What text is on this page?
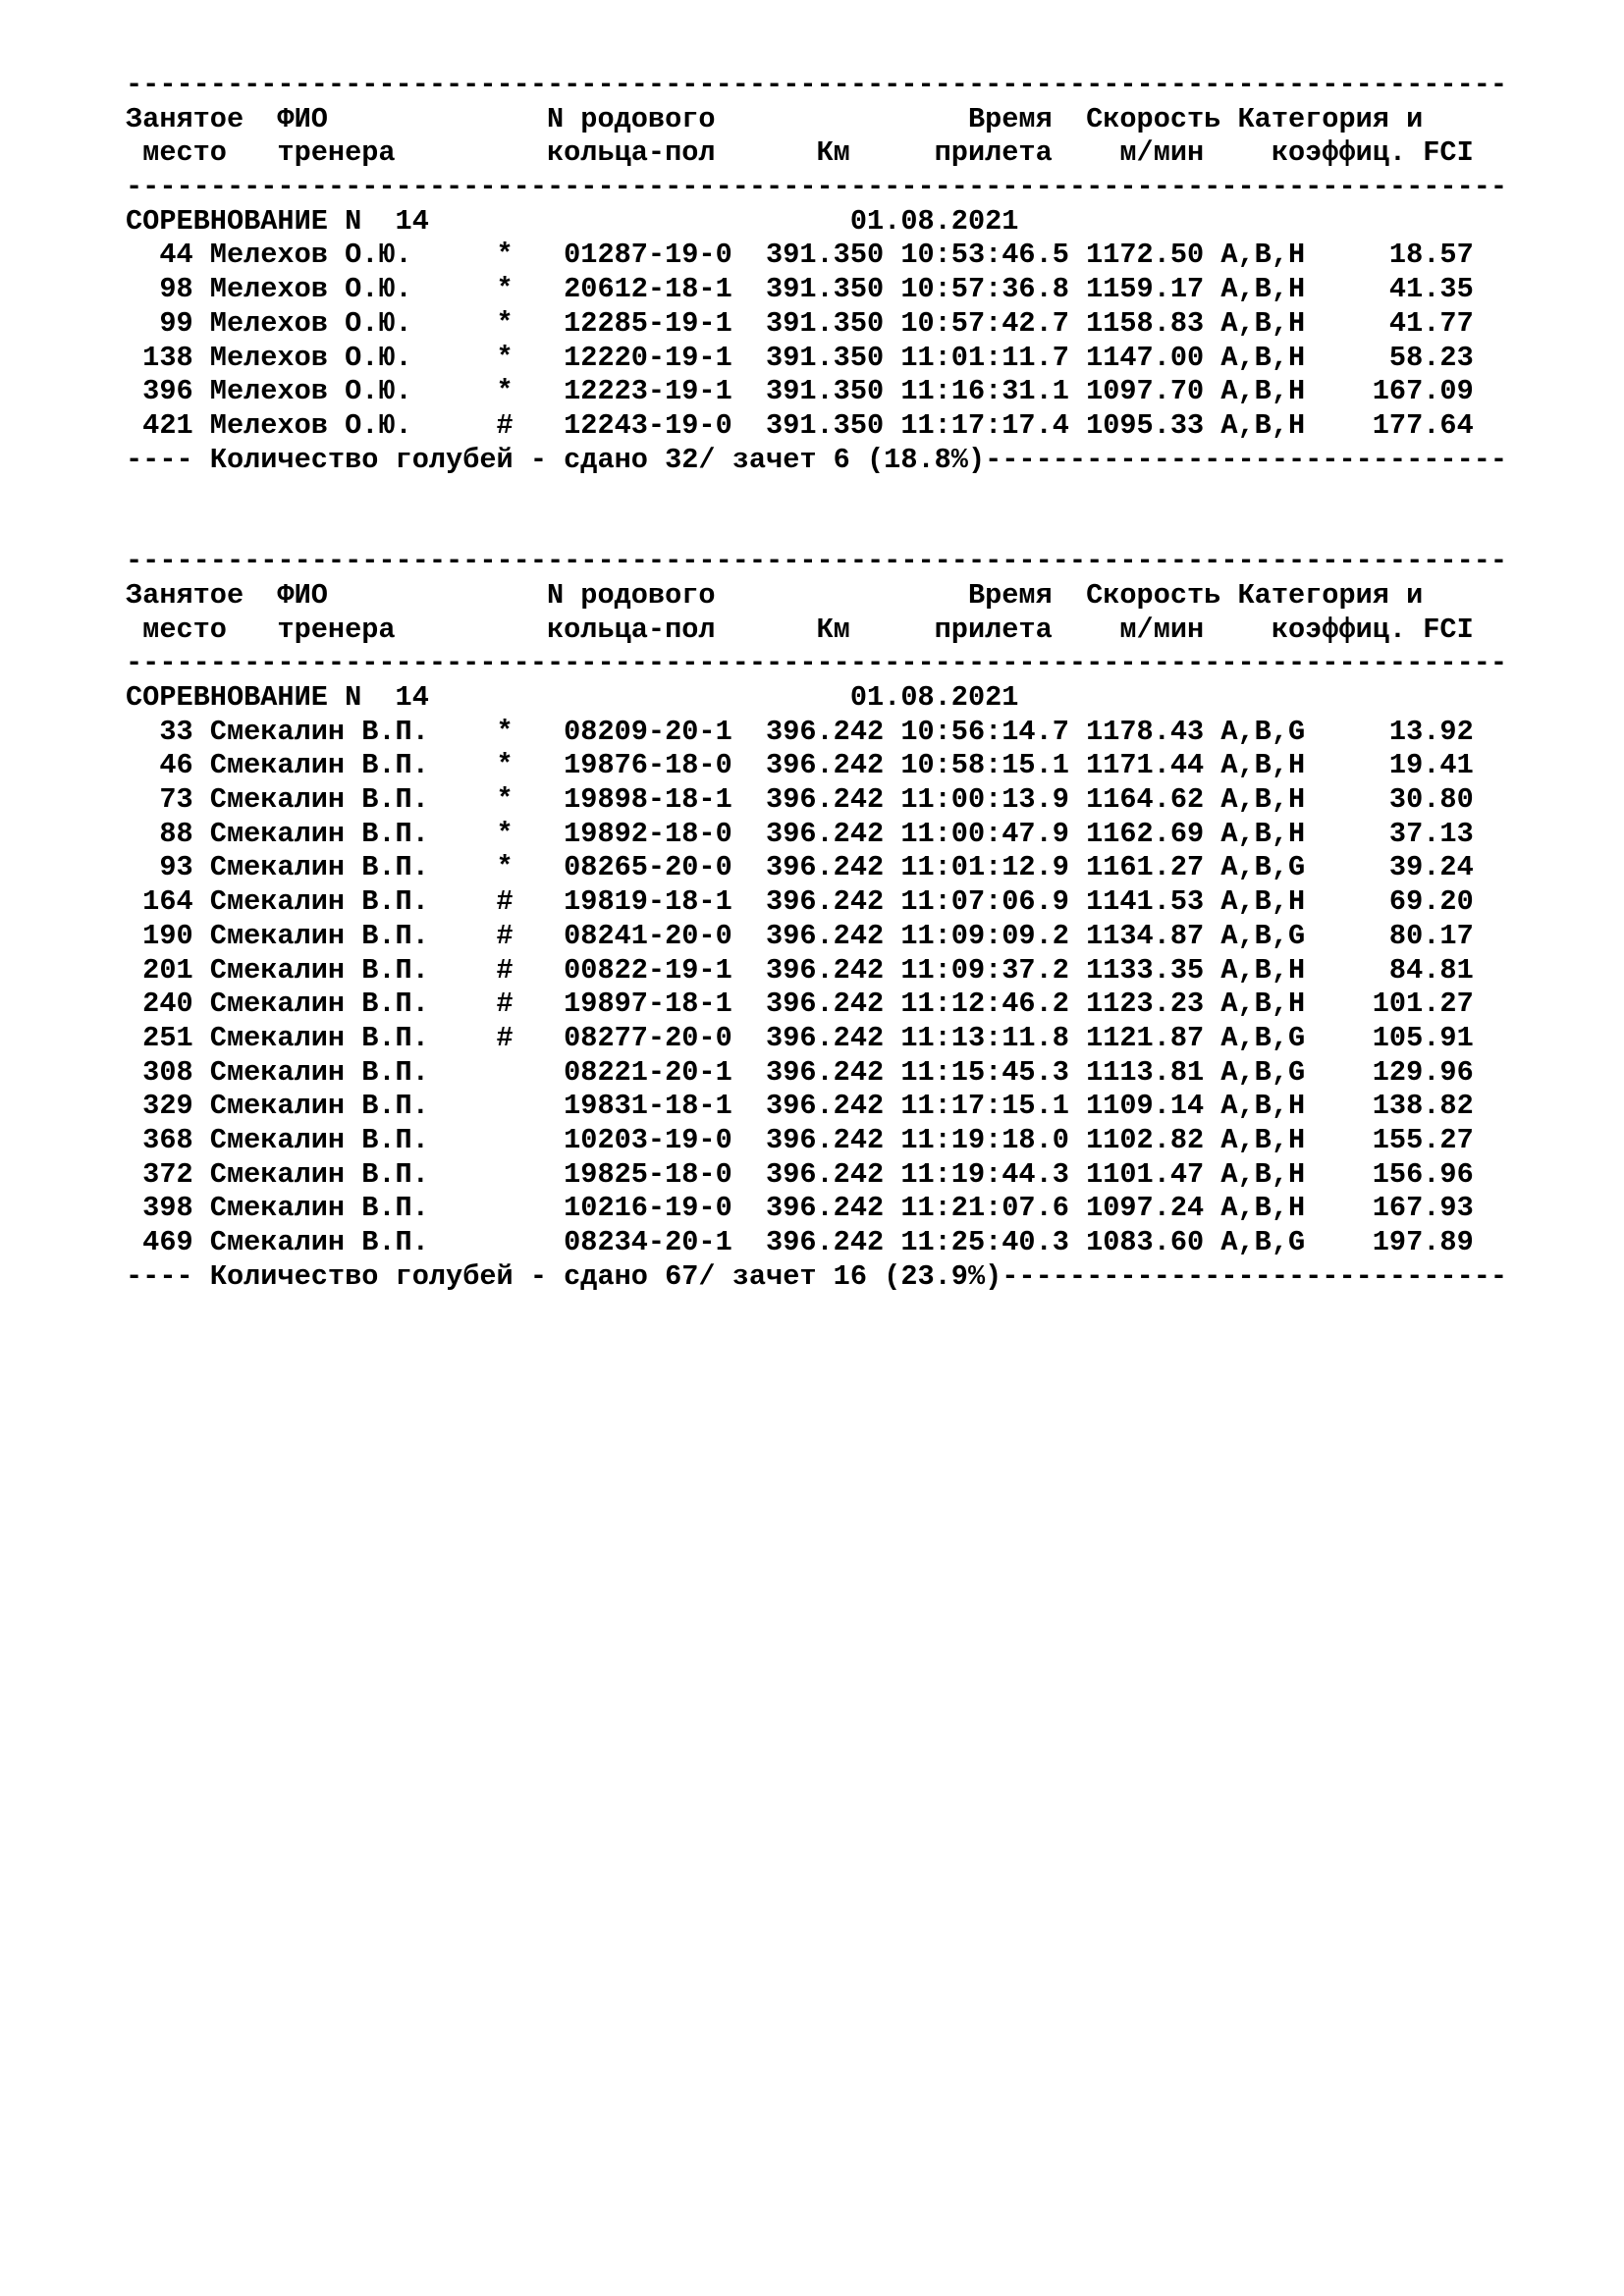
----------------------------------------------------------------------------------
Занятое  ФИО             N родового               Время  Скорость Категория и
место   тренера         кольца-пол      Км     прилета    м/мин    коэффиц. FCI
----------------------------------------------------------------------------------
СОРЕВНОВАНИЕ N  14                         01.08.2021
44 Мелехов О.Ю.     *   01287-19-0  391.350 10:53:46.5 1172.50 A,B,H     18.57
98 Мелехов О.Ю.     *   20612-18-1  391.350 10:57:36.8 1159.17 A,B,H     41.35
99 Мелехов О.Ю.     *   12285-19-1  391.350 10:57:42.7 1158.83 A,B,H     41.77
138 Мелехов О.Ю.     *   12220-19-1  391.350 11:01:11.7 1147.00 A,B,H     58.23
396 Мелехов О.Ю.     *   12223-19-1  391.350 11:16:31.1 1097.70 A,B,H    167.09
421 Мелехов О.Ю.     #   12243-19-0  391.350 11:17:17.4 1095.33 A,B,H    177.64
---- Количество голубей - сдано 32/ зачет 6 (18.8%)-------------------------------
----------------------------------------------------------------------------------
Занятое  ФИО             N родового               Время  Скорость Категория и
место   тренера         кольца-пол      Км     прилета    м/мин    коэффиц. FCI
----------------------------------------------------------------------------------
СОРЕВНОВАНИЕ N  14                         01.08.2021
33 Смекалин В.П.    *   08209-20-1  396.242 10:56:14.7 1178.43 A,B,G     13.92
46 Смекалин В.П.    *   19876-18-0  396.242 10:58:15.1 1171.44 A,B,H     19.41
73 Смекалин В.П.    *   19898-18-1  396.242 11:00:13.9 1164.62 A,B,H     30.80
88 Смекалин В.П.    *   19892-18-0  396.242 11:00:47.9 1162.69 A,B,H     37.13
93 Смекалин В.П.    *   08265-20-0  396.242 11:01:12.9 1161.27 A,B,G     39.24
164 Смекалин В.П.    #   19819-18-1  396.242 11:07:06.9 1141.53 A,B,H     69.20
190 Смекалин В.П.    #   08241-20-0  396.242 11:09:09.2 1134.87 A,B,G     80.17
201 Смекалин В.П.    #   00822-19-1  396.242 11:09:37.2 1133.35 A,B,H     84.81
240 Смекалин В.П.    #   19897-18-1  396.242 11:12:46.2 1123.23 A,B,H    101.27
251 Смекалин В.П.    #   08277-20-0  396.242 11:13:11.8 1121.87 A,B,G    105.91
308 Смекалин В.П.        08221-20-1  396.242 11:15:45.3 1113.81 A,B,G    129.96
329 Смекалин В.П.        19831-18-1  396.242 11:17:15.1 1109.14 A,B,H    138.82
368 Смекалин В.П.        10203-19-0  396.242 11:19:18.0 1102.82 A,B,H    155.27
372 Смекалин В.П.        19825-18-0  396.242 11:19:44.3 1101.47 A,B,H    156.96
398 Смекалин В.П.        10216-19-0  396.242 11:21:07.6 1097.24 A,B,H    167.93
469 Смекалин В.П.        08234-20-1  396.242 11:25:40.3 1083.60 A,B,G    197.89
---- Количество голубей - сдано 67/ зачет 16 (23.9%)------------------------------
